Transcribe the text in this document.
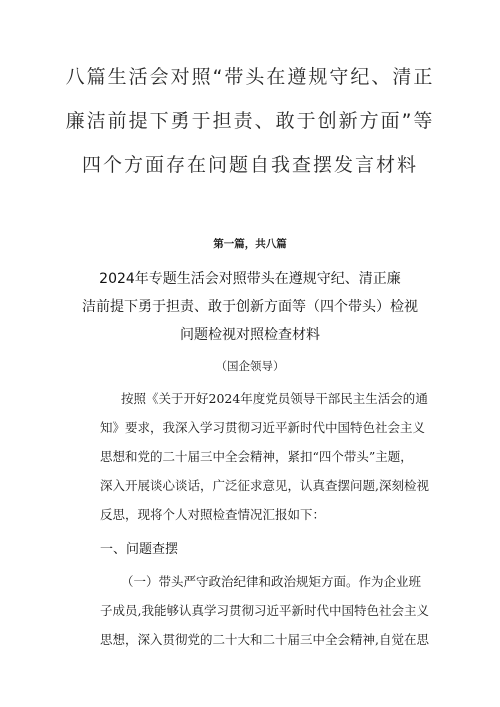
八篇生活会对照“带头在遵规守纪、清正
廉洁前提下勇于担责、敢于创新方面”等
四个方面存在问题自我查摆发言材料
第一篇，共八篇
2024年专题生活会对照带头在遵规守纪、清正廉
洁前提下勇于担责、敢于创新方面等（四个带头）检视
问题检视对照检查材料
（国企领导）
按照《关于开好2024年度党员领导干部民主生活会的通
知》要求，我深入学习贯彻习近平新时代中国特色社会主义
思想和党的二十届三中全会精神，紧扣“四个带头”主题，
深入开展谈心谈话，广泛征求意见，认真查摆问题,深刻检视
反思，现将个人对照检查情况汇报如下：
一、问题查摆
（一）带头严守政治纪律和政治规矩方面。作为企业班
子成员,我能够认真学习贯彻习近平新时代中国特色社会主义
思想，深入贯彻党的二十大和二十届三中全会精神,自觉在思
